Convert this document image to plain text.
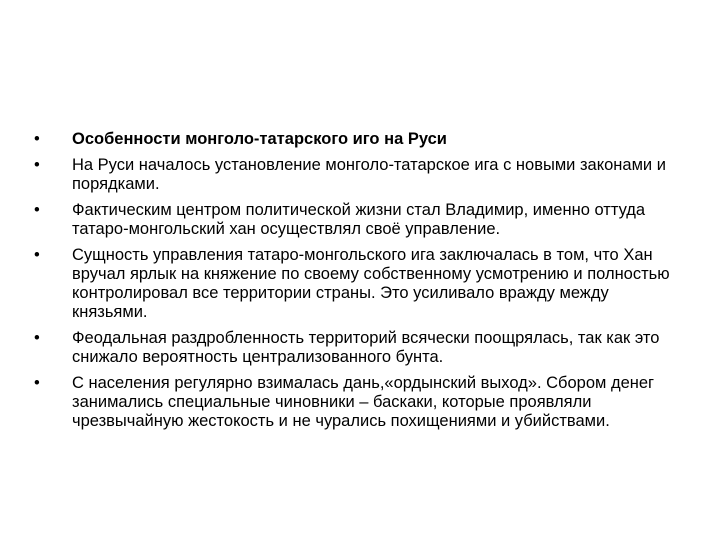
•	Особенности монголо-татарского иго на Руси
•	На Руси началось установление монголо-татарское ига с новыми законами и порядками.
•	Фактическим центром политической жизни стал Владимир, именно оттуда татаро-монгольский хан осуществлял своё управление.
•	Сущность управления татаро-монгольского ига заключалась в том, что Хан вручал ярлык на княжение по своему собственному усмотрению и полностью контролировал все территории страны. Это усиливало вражду между князьями.
•	Феодальная раздробленность территорий всячески поощрялась, так как это снижало вероятность централизованного бунта.
•	С населения регулярно взималась дань,«ордынский выход». Сбором денег занимались специальные чиновники – баскаки, которые проявляли чрезвычайную жестокость и не чурались похищениями и убийствами.
